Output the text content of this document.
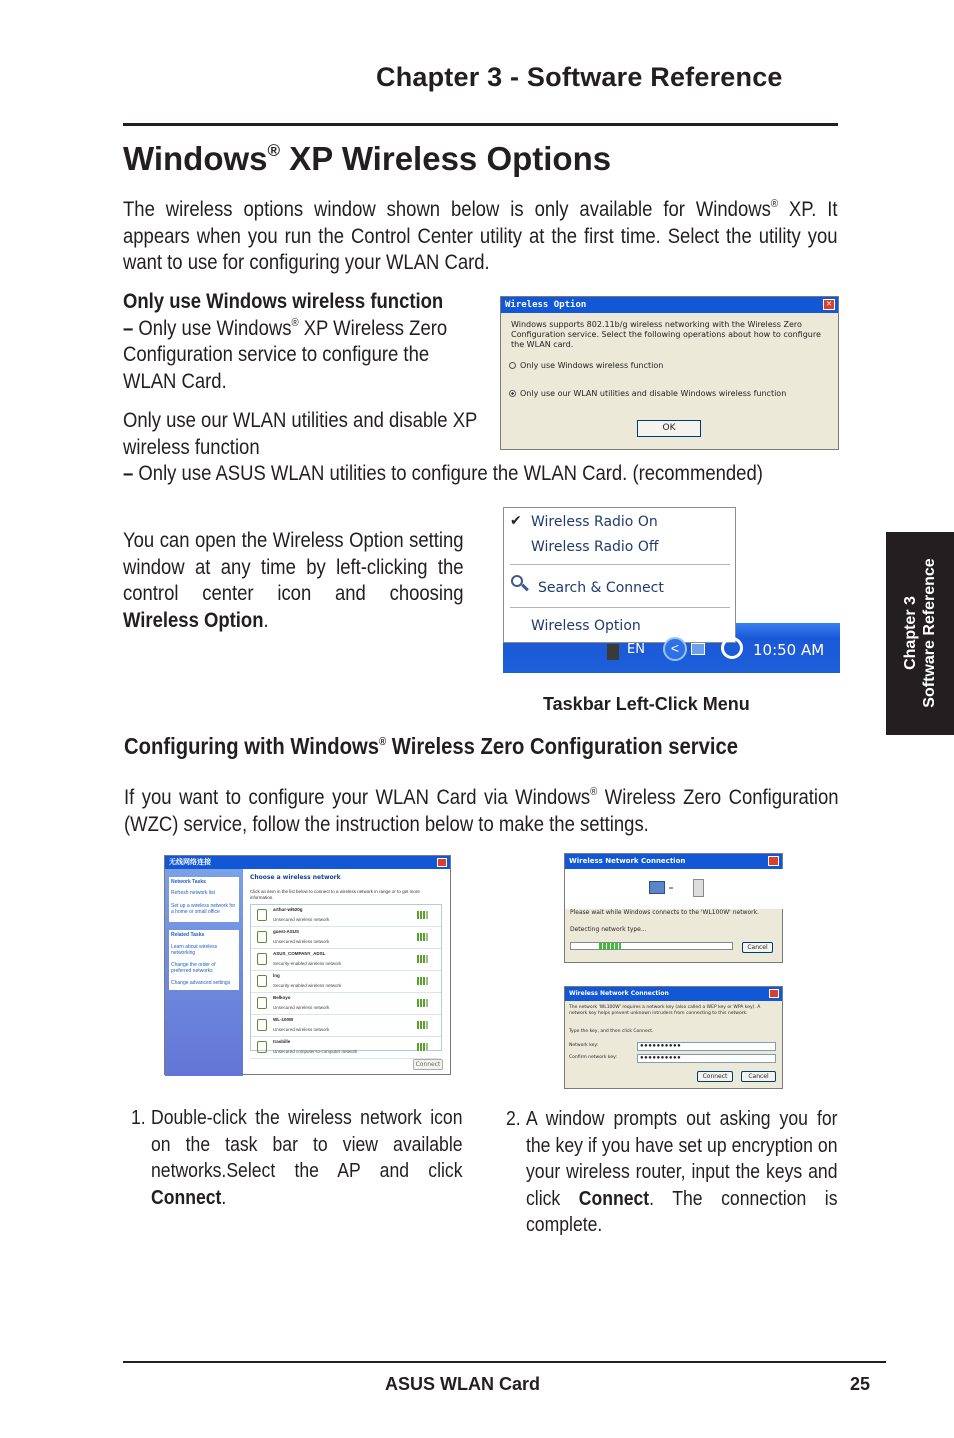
Chapter 3 - Software Reference
Windows® XP Wireless Options
The wireless options window shown below is only available for Windows® XP. It appears when you run the Control Center utility at the first time. Select the utility you want to use for configuring your WLAN Card.
Only use Windows wireless function
– Only use Windows® XP Wireless Zero Configuration service to configure the WLAN Card.
Only use our WLAN utilities and disable XP wireless function
– Only use ASUS WLAN utilities to configure the WLAN Card. (recommended)
Wireless Option	✕
Windows supports 802.11b/g wireless networking with the Wireless Zero Configuration service. Select the following operations about how to configure the WLAN card.
Only use Windows wireless function
Only use our WLAN utilities and disable Windows wireless function
OK
You can open the Wireless Option setting window at any time by left-clicking the control center icon and choosing Wireless Option.
✔ Wireless Radio On
Wireless Radio Off
Search & Connect
Wireless Option
EN	<	10:50 AM
Taskbar Left-Click Menu
Configuring with Windows® Wireless Zero Configuration service
If you want to configure your WLAN Card via Windows® Wireless Zero Configuration (WZC) service, follow the instruction below to make the settings.
无线网络连接
Network Tasks
Refresh network list
Set up a wireless network for a home or small office
Related Tasks
Learn about wireless networking
Change the order of preferred networks
Change advanced settings
Choose a wireless network
Click an item in the list below to connect to a wireless network in range or to get more information.
arthur-wl520g
Unsecured wireless network
guest-ASUS
Unsecured wireless network
ASUS_COMPANY_ADSL
Security-enabled wireless network
lng
Security-enabled wireless network
Belkoyo
Unsecured wireless network
WL-100W
Unsecured wireless network
trasbille
Unsecured computer-to-computer network
Connect
Wireless Network Connection
Please wait while Windows connects to the 'WL100W' network.
Detecting network type...
Cancel
Wireless Network Connection
The network 'WL100W' requires a network key (also called a WEP key or WPA key). A network key helps prevent unknown intruders from connecting to this network.
Type the key, and then click Connect.
Network key:	●●●●●●●●●●
Confirm network key:	●●●●●●●●●●
Connect	Cancel
1. Double-click the wireless network icon on the task bar to view available networks.Select the AP and click Connect.
2. A window prompts out asking you for the key if you have set up encryption on your wireless router, input the keys and click Connect. The connection is complete.
Chapter 3 Software Reference
ASUS WLAN Card	25
